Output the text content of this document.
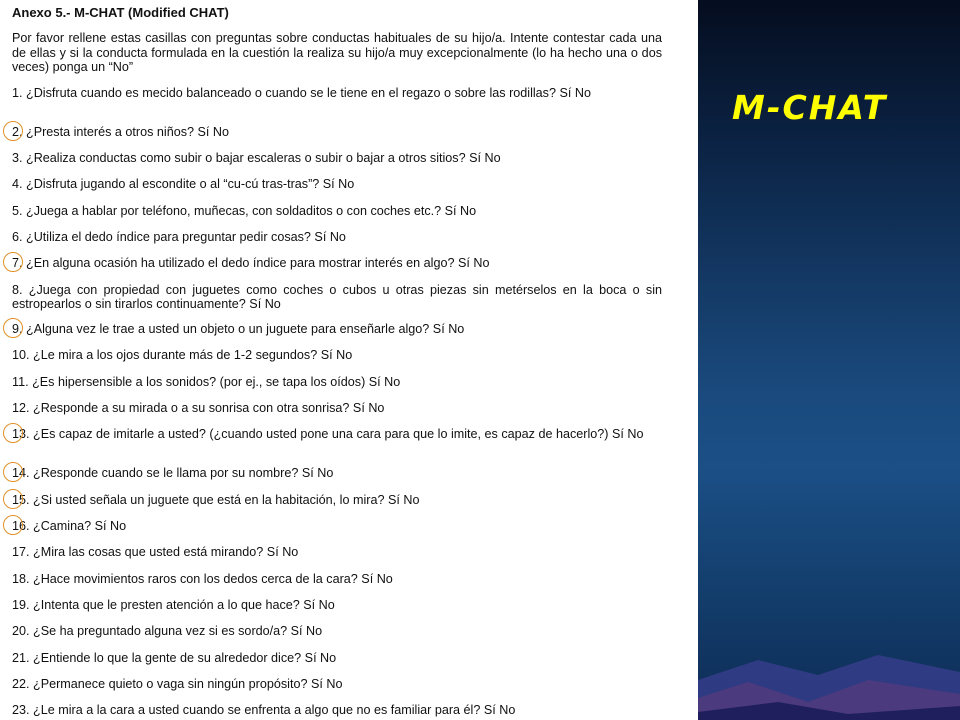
Anexo 5.- M-CHAT (Modified CHAT)
Por favor rellene estas casillas con preguntas sobre conductas habituales de su hijo/a. Intente contestar cada una de ellas y si la conducta formulada en la cuestión la realiza su hijo/a muy excepcionalmente (lo ha hecho una o dos veces) ponga un “No”
1. ¿Disfruta cuando es mecido balanceado o cuando se le tiene en el regazo o sobre las rodillas? Sí No
2. ¿Presta interés a otros niños? Sí No
3. ¿Realiza conductas como subir o bajar escaleras o subir o bajar a otros sitios? Sí No
4. ¿Disfruta jugando al escondite o al “cu-cú tras-tras”? Sí No
5. ¿Juega a hablar por teléfono, muñecas, con soldaditos o con coches etc.? Sí No
6. ¿Utiliza el dedo índice para preguntar pedir cosas? Sí No
7. ¿En alguna ocasión ha utilizado el dedo índice para mostrar interés en algo? Sí No
8. ¿Juega con propiedad con juguetes como coches o cubos u otras piezas sin metérselos en la boca o sin estropearlos o sin tirarlos continuamente? Sí No
9. ¿Alguna vez le trae a usted un objeto o un juguete para enseñarle algo? Sí No
10. ¿Le mira a los ojos durante más de 1-2 segundos? Sí No
11. ¿Es hipersensible a los sonidos? (por ej., se tapa los oídos) Sí No
12. ¿Responde a su mirada o a su sonrisa con otra sonrisa? Sí No
13. ¿Es capaz de imitarle a usted? (¿cuando usted pone una cara para que lo imite, es capaz de hacerlo?) Sí No
14. ¿Responde cuando se le llama por su nombre? Sí No
15. ¿Si usted señala un juguete que está en la habitación, lo mira? Sí No
16. ¿Camina? Sí No
17. ¿Mira las cosas que usted está mirando? Sí No
18. ¿Hace movimientos raros con los dedos cerca de la cara? Sí No
19. ¿Intenta que le presten atención a lo que hace? Sí No
20. ¿Se ha preguntado alguna vez si es sordo/a? Sí No
21. ¿Entiende lo que la gente de su alrededor dice? Sí No
22. ¿Permanece quieto o vaga sin ningún propósito? Sí No
23. ¿Le mira a la cara a usted cuando se enfrenta a algo que no es familiar para él? Sí No
M-CHAT
